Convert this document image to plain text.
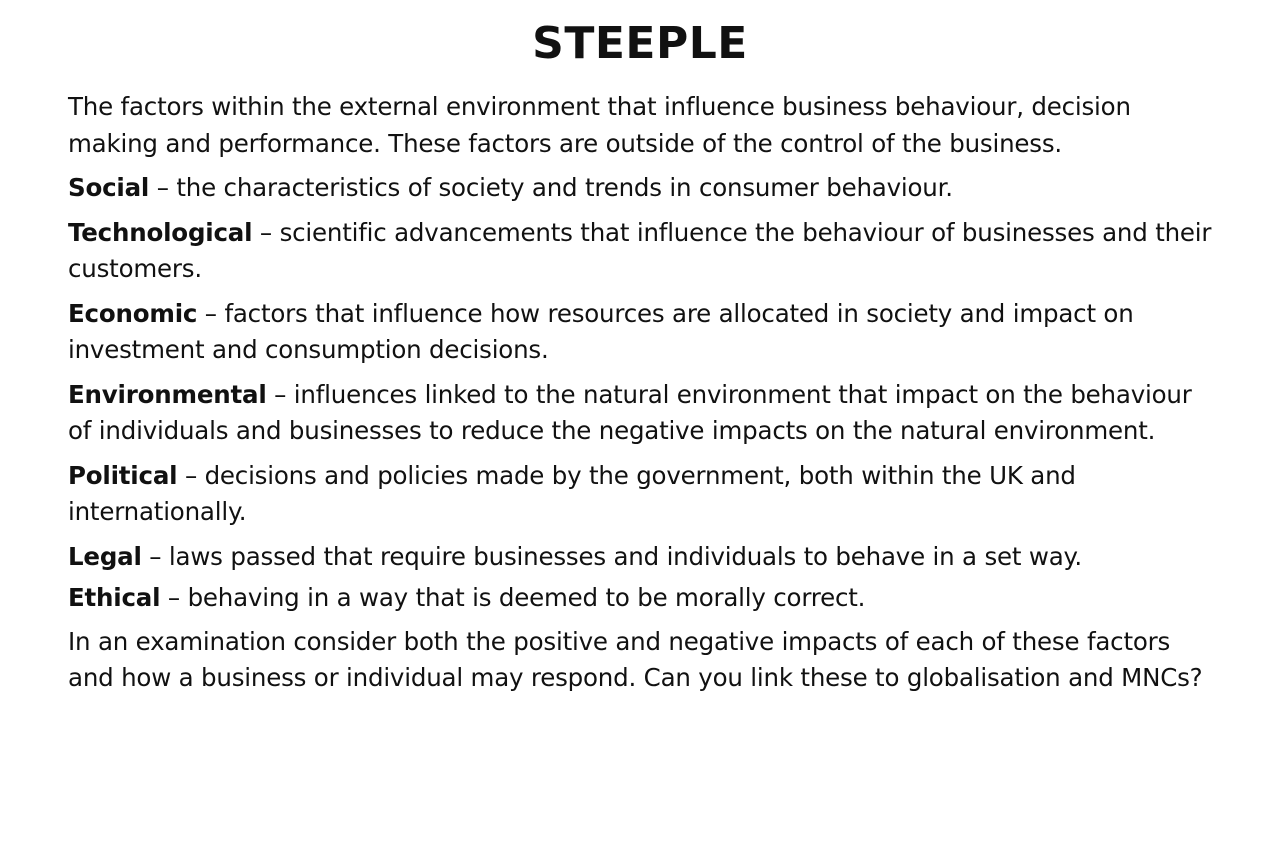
STEEPLE

The factors within the external environment that influence business behaviour, decision making and performance. These factors are outside of the control of the business.

Social – the characteristics of society and trends in consumer behaviour.

Technological – scientific advancements that influence the behaviour of businesses and their customers.

Economic – factors that influence how resources are allocated in society and impact on investment and consumption decisions.

Environmental – influences linked to the natural environment that impact on the behaviour of individuals and businesses to reduce the negative impacts on the natural environment.

Political – decisions and policies made by the government, both within the UK and internationally.

Legal – laws passed that require businesses and individuals to behave in a set way.

Ethical – behaving in a way that is deemed to be morally correct.

In an examination consider both the positive and negative impacts of each of these factors and how a business or individual may respond. Can you link these to globalisation and MNCs?
